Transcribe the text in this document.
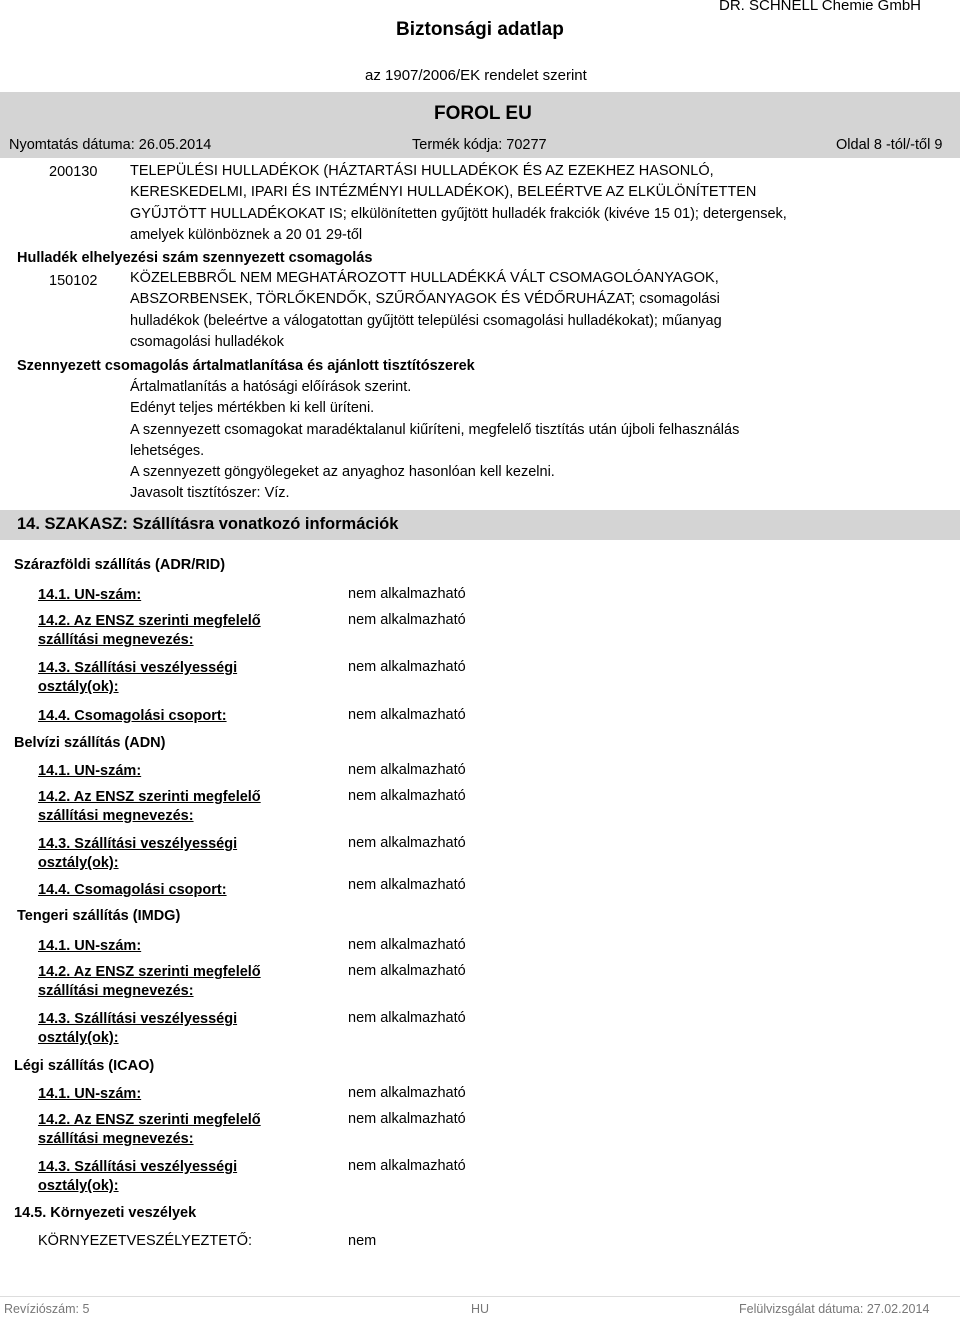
Biztonsági adatlap
DR. SCHNELL Chemie GmbH
az 1907/2006/EK rendelet szerint
FOROL EU
Nyomtatás dátuma: 26.05.2014	Termék kódja: 70277	Oldal 8 -tól/-től 9
200130 TELEPÜLÉSI HULLADÉKOK (HÁZTARTÁSI HULLADÉKOK ÉS AZ EZEKHEZ HASONLÓ,
KERESKEDELMI, IPARI ÉS INTÉZMÉNYI HULLADÉKOK), BELEÉRTVE AZ ELKÜLÖNÍTETTEN
GYŰJTÖTT HULLADÉKOKAT IS; elkülönítetten gyűjtött hulladék frakciók (kivéve 15 01); detergensek,
amelyek különböznek a 20 01 29-től
Hulladék elhelyezési szám szennyezett csomagolás
150102 KÖZELEBBRŐL NEM MEGHATÁROZOTT HULLADÉKKÁ VÁLT CSOMAGOLÓANYAGOK,
ABSZORBENSEK, TÖRLŐKENDŐK, SZŰRŐANYAGOK ÉS VÉDŐRUHÁZAT; csomagolási
hulladékok (beleértve a válogatottan gyűjtött települési csomagolási hulladékokat); műanyag
csomagolási hulladékok
Szennyezett csomagolás ártalmatlanítása és ajánlott tisztítószerek
Ártalmatlanítás a hatósági előírások szerint.
Edényt teljes mértékben ki kell üríteni.
A szennyezett csomagokat maradéktalanul kiűríteni, megfelelő tisztítás után újboli felhasználás
lehetséges.
A szennyezett göngyölegeket az anyaghoz hasonlóan kell kezelni.
Javasolt tisztítószer: Víz.
14. SZAKASZ: Szállításra vonatkozó információk
Szárazföldi szállítás (ADR/RID)
14.1. UN-szám:	nem alkalmazható
14.2. Az ENSZ szerinti megfelelő szállítási megnevezés:
nem alkalmazható
14.3. Szállítási veszélyességi osztály(ok):
nem alkalmazható
14.4. Csomagolási csoport:	nem alkalmazható
Belvízi szállítás (ADN)
14.1. UN-szám:	nem alkalmazható
14.2. Az ENSZ szerinti megfelelő szállítási megnevezés:
nem alkalmazható
14.3. Szállítási veszélyességi osztály(ok):
nem alkalmazható
14.4. Csomagolási csoport:	nem alkalmazható
Tengeri szállítás (IMDG)
14.1. UN-szám:	nem alkalmazható
14.2. Az ENSZ szerinti megfelelő szállítási megnevezés:
nem alkalmazható
14.3. Szállítási veszélyességi osztály(ok):
nem alkalmazható
Légi szállítás (ICAO)
14.1. UN-szám:	nem alkalmazható
14.2. Az ENSZ szerinti megfelelő szállítási megnevezés:
nem alkalmazható
14.3. Szállítási veszélyességi osztály(ok):
nem alkalmazható
14.5. Környezeti veszélyek
KÖRNYEZETVESZÉLYEZTETŐ:	nem
Revíziószám: 5	HU	Felülvizsgálat dátuma: 27.02.2014
